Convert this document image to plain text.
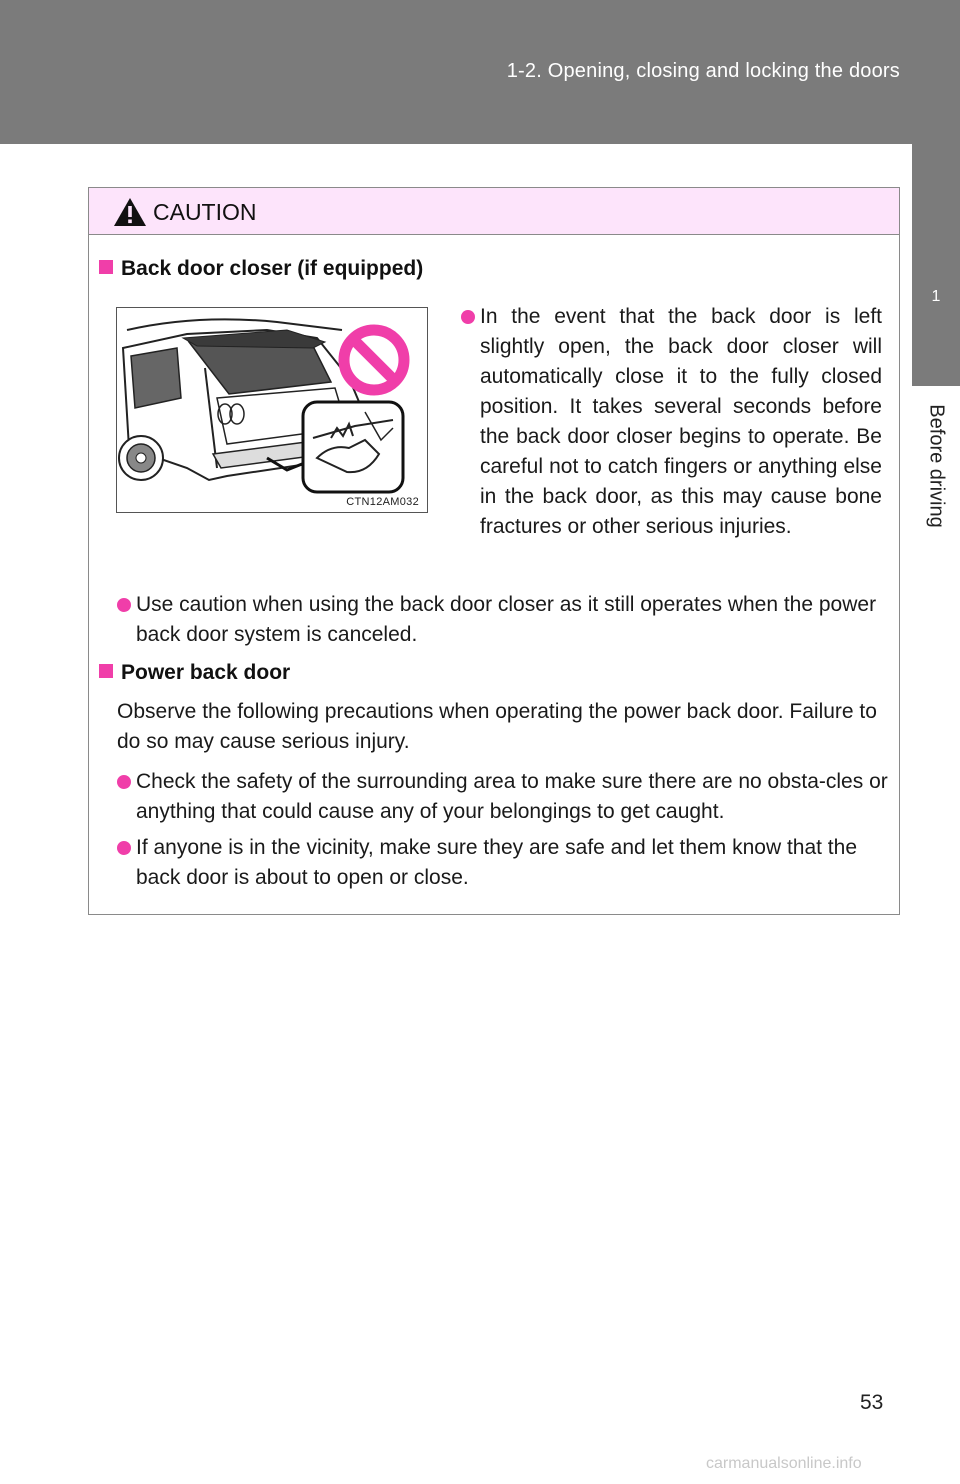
1-2. Opening, closing and locking the doors
1
Before driving
CAUTION
Back door closer (if equipped)
CTN12AM032
In the event that the back door is left slightly open, the back door closer will automatically close it to the fully closed position. It takes several seconds before the back door closer begins to operate. Be careful not to catch fingers or anything else in the back door, as this may cause bone fractures or other serious injuries.
Use caution when using the back door closer as it still operates when the power back door system is canceled.
Power back door
Observe the following precautions when operating the power back door. Failure to do so may cause serious injury.
Check the safety of the surrounding area to make sure there are no obsta-cles or anything that could cause any of your belongings to get caught.
If anyone is in the vicinity, make sure they are safe and let them know that the back door is about to open or close.
53
carmanualsonline.info
